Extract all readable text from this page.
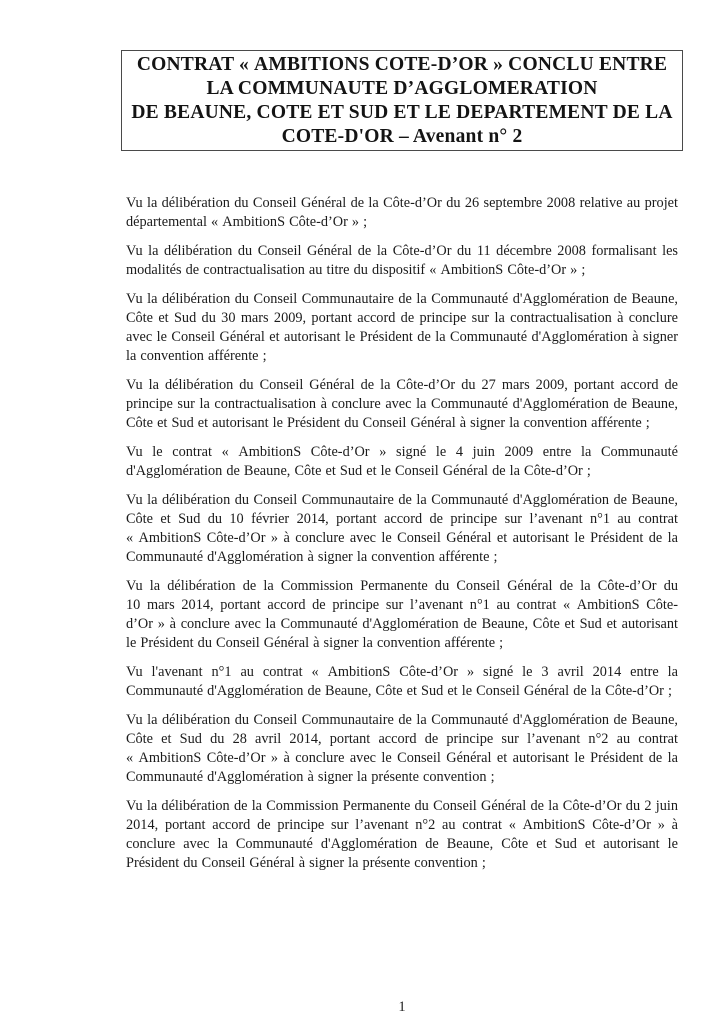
CONTRAT « AMBITIONS COTE-D’OR » CONCLU ENTRE
LA COMMUNAUTE D’AGGLOMERATION
DE BEAUNE, COTE ET SUD ET LE DEPARTEMENT DE LA
COTE-D'OR – Avenant n° 2

Vu la délibération du Conseil Général de la Côte-d’Or du 26 septembre 2008 relative au projet départemental « AmbitionS Côte-d’Or » ;

Vu la délibération du Conseil Général de la Côte-d’Or du 11 décembre 2008 formalisant les modalités de contractualisation au titre du dispositif « AmbitionS Côte-d’Or » ;

Vu la délibération du Conseil Communautaire de la Communauté d'Agglomération de Beaune, Côte et Sud du 30 mars 2009, portant accord de principe sur la contractualisation à conclure avec le Conseil Général et autorisant le Président de la Communauté d'Agglomération à signer la convention afférente ;

Vu la délibération du Conseil Général de la Côte-d’Or du 27 mars 2009, portant accord de principe sur la contractualisation à conclure avec la Communauté d'Agglomération de Beaune, Côte et Sud et autorisant le Président du Conseil Général à signer la convention afférente ;

Vu le contrat « AmbitionS Côte-d’Or » signé le 4 juin 2009 entre la Communauté d'Agglomération de Beaune, Côte et Sud et le Conseil Général de la Côte-d’Or ;

Vu la délibération du Conseil Communautaire de la Communauté d'Agglomération de Beaune, Côte et Sud du 10 février 2014, portant accord de principe sur l’avenant n°1 au contrat « AmbitionS Côte-d’Or » à conclure avec le Conseil Général et autorisant le Président de la Communauté d'Agglomération à signer la convention afférente ;

Vu la délibération de la Commission Permanente du Conseil Général de la Côte-d’Or du 10 mars 2014, portant accord de principe sur l’avenant n°1 au contrat « AmbitionS Côte-d’Or » à conclure avec la Communauté d'Agglomération de Beaune, Côte et Sud et autorisant le Président du Conseil Général à signer la convention afférente ;

Vu l'avenant n°1 au contrat « AmbitionS Côte-d’Or » signé le 3 avril 2014 entre la Communauté d'Agglomération de Beaune, Côte et Sud et le Conseil Général de la Côte-d’Or ;

Vu la délibération du Conseil Communautaire de la Communauté d'Agglomération de Beaune, Côte et Sud du 28 avril 2014, portant accord de principe sur l’avenant n°2 au contrat « AmbitionS Côte-d’Or » à conclure avec le Conseil Général et autorisant le Président de la Communauté d'Agglomération à signer la présente convention ;

Vu la délibération de la Commission Permanente du Conseil Général de la Côte-d’Or du 2 juin 2014, portant accord de principe sur l’avenant n°2 au contrat « AmbitionS Côte-d’Or » à conclure avec la Communauté d'Agglomération de Beaune, Côte et Sud et autorisant le Président du Conseil Général à signer la présente convention ;

1
